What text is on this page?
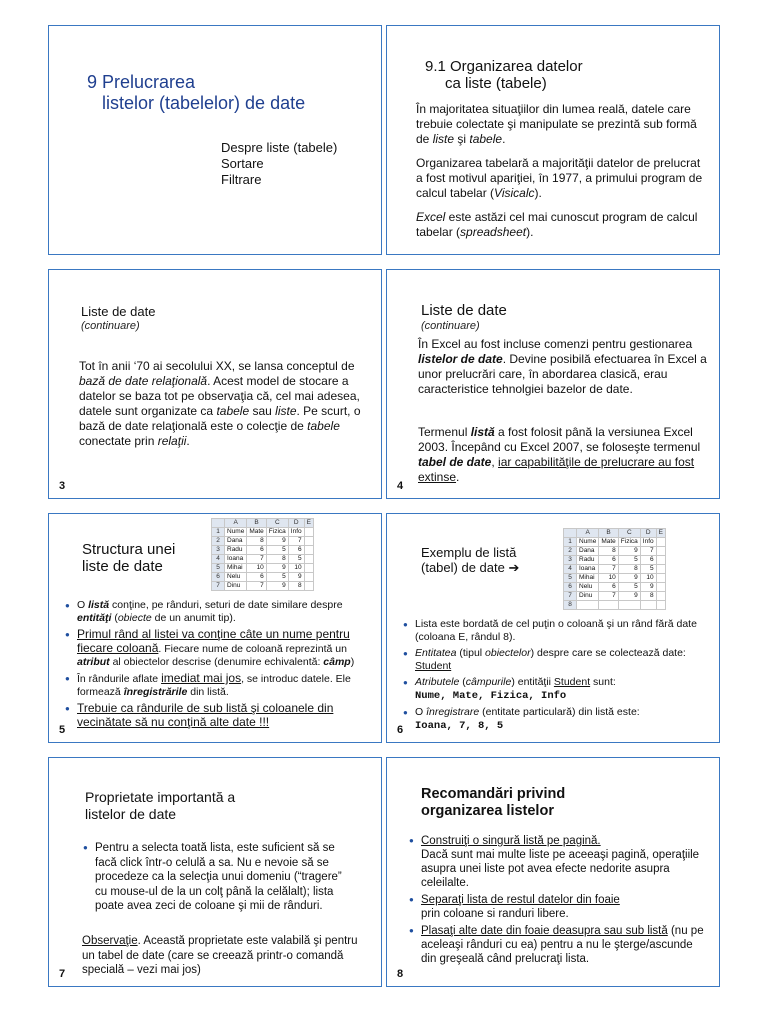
9 Prelucrarea
listelor (tabelelor) de date
Despre liste (tabele)
Sortare
Filtrare
9.1 Organizarea datelor
ca liste (tabele)
În majoritatea situaţiilor din lumea reală, datele care trebuie colectate şi manipulate se prezintă sub formă de liste şi tabele.
Organizarea tabelară a majorităţii datelor de prelucrat a fost motivul apariţiei, în 1977, a primului program de calcul tabelar (Visicalc).
Excel este astăzi cel mai cunoscut program de calcul tabelar (spreadsheet).
Liste de date
(continuare)
Tot în anii ‘70 ai secolului XX, se lansa conceptul de bază de date relaţională. Acest model de stocare a datelor se baza tot pe observaţia că, cel mai adesea, datele sunt organizate ca tabele sau liste. Pe scurt, o bază de date relaţională este o colecţie de tabele conectate prin relaţii.
3
Liste de date
(continuare)
În Excel au fost incluse comenzi pentru gestionarea listelor de date. Devine posibilă efectuarea în Excel a unor prelucrări care, în abordarea clasică, erau caracteristice tehnolgiei bazelor de date.
Termenul listă a fost folosit până la versiunea Excel 2003. Începând cu Excel 2007, se foloseşte termenul tabel de date, iar capabilităţile de prelucrare au fost extinse.
4
Structura unei
liste de date
	A	B	C	D	E
1	Nume	Mate	Fizica	Info	
2	Dana	8	9	7	
3	Radu	6	5	6	
4	Ioana	7	8	5	
5	Mihai	10	9	10	
6	Nelu	6	5	9	
7	Dinu	7	9	8	
● O listă conţine, pe rânduri, seturi de date similare despre entităţi (obiecte de un anumit tip).
● Primul rând al listei va conţine câte un nume pentru fiecare coloană. Fiecare nume de coloană reprezintă un atribut al obiectelor descrise (denumire echivalentă: câmp)
● În rândurile aflate imediat mai jos, se introduc datele. Ele formează înregistrările din listă.
● Trebuie ca rândurile de sub listă şi coloanele din vecinătate să nu conţină alte date !!!
5
Exemplu de listă
(tabel) de date ➔
	A	B	C	D	E
1	Nume	Mate	Fizica	Info	
2	Dana	8	9	7	
3	Radu	6	5	6	
4	Ioana	7	8	5	
5	Mihai	10	9	10	
6	Nelu	6	5	9	
7	Dinu	7	9	8	
8					
● Lista este bordată de cel puţin o coloană şi un rând fără date (coloana E, rândul 8).
● Entitatea (tipul obiectelor) despre care se colectează date: Student
● Atributele (câmpurile) entităţii Student sunt:
Nume, Mate, Fizica, Info
● O înregistrare (entitate particulară) din listă este:
Ioana, 7, 8, 5
6
Proprietate importantă a
listelor de date
● Pentru a selecta toată lista, este suficient să se facă click într-o celulă a sa. Nu e nevoie să se procedeze ca la selecţia unui domeniu (“tragere” cu mouse-ul de la un colţ până la celălalt); lista poate avea zeci de coloane şi mii de rânduri.
Observaţie. Această proprietate este valabilă şi pentru un tabel de date (care se creează printr-o comandă specială – vezi mai jos)
7
Recomandări privind
organizarea listelor
● Construiţi o singură listă pe pagină.
Dacă sunt mai multe liste pe aceeaşi pagină, operaţiile asupra unei liste pot avea efecte nedorite asupra celeilalte.
● Separaţi lista de restul datelor din foaie
prin coloane si randuri libere.
● Plasaţi alte date din foaie deasupra sau sub listă (nu pe aceleaşi rânduri cu ea) pentru a nu le şterge/ascunde din greşeală când prelucraţi lista.
8
